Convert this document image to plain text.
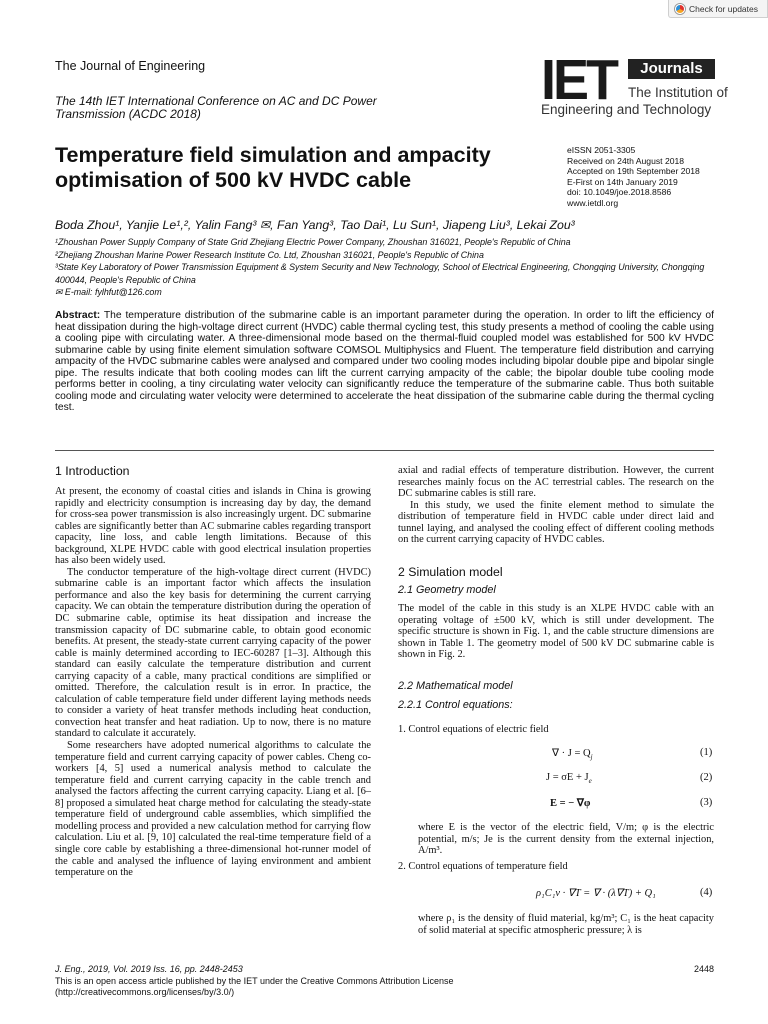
Check for updates
The Journal of Engineering
The 14th IET International Conference on AC and DC Power
Transmission (ACDC 2018)
IET	Journals
The Institution of
Engineering and Technology
Temperature field simulation and ampacity optimisation of 500 kV HVDC cable
eISSN 2051-3305
Received on 24th August 2018
Accepted on 19th September 2018
E-First on 14th January 2019
doi: 10.1049/joe.2018.8586
www.ietdl.org
Boda Zhou¹, Yanjie Le¹,², Yalin Fang³ ✉, Fan Yang³, Tao Dai¹, Lu Sun¹, Jiapeng Liu³, Lekai Zou³
¹Zhoushan Power Supply Company of State Grid Zhejiang Electric Power Company, Zhoushan 316021, People's Republic of China
²Zhejiang Zhoushan Marine Power Research Institute Co. Ltd, Zhoushan 316021, People's Republic of China
³State Key Laboratory of Power Transmission Equipment & System Security and New Technology, School of Electrical Engineering, Chongqing University, Chongqing 400044, People's Republic of China
✉ E-mail: fylhfut@126.com
Abstract: The temperature distribution of the submarine cable is an important parameter during the operation. In order to lift the efficiency of heat dissipation during the high-voltage direct current (HVDC) cable thermal cycling test, this study presents a method of cooling the cable using a cooling pipe with circulating water. A three-dimensional mode based on the thermal-fluid coupled model was established for 500 kV HVDC submarine cable by using finite element simulation software COMSOL Multiphysics and Fluent. The temperature field distribution and carrying ampacity of the HVDC submarine cables were analysed and compared under two cooling modes including bipolar double pipe and bipolar single pipe. The results indicate that both cooling modes can lift the current carrying ampacity of the cable; the bipolar double tube cooling mode performs better in cooling, a tiny circulating water velocity can significantly reduce the temperature of the submarine cable. Thus both suitable cooling mode and circulating water velocity were determined to accelerate the heat dissipation of the submarine cable during the thermal cycling test.
1 Introduction

At present, the economy of coastal cities and islands in China is growing rapidly and electricity consumption is increasing day by day, the demand for cross-sea power transmission is also increasingly urgent. DC submarine cables are significantly better than AC submarine cables regarding transport capacity, line loss, and cable length limitations. Because of this background, XLPE HVDC cable with good electrical insulation properties has also been widely used.

The conductor temperature of the high-voltage direct current (HVDC) submarine cable is an important factor which affects the insulation performance and also the key basis for determining the current carrying capacity. We can obtain the temperature distribution during the operation of DC submarine cable, optimise its heat dissipation and increase the transmission capacity of DC submarine cable, to obtain good economic benefits. At present, the steady-state current carrying capacity of the power cable is mainly determined according to IEC-60287 [1–3]. Although this standard can easily calculate the temperature distribution and current carrying capacity of a cable, many practical conditions are simplified or omitted. Therefore, the calculation result is in error. In practice, the calculation of cable temperature field under different laying methods needs to consider a variety of heat transfer methods including heat conduction, convection heat transfer and heat radiation. Up to now, there is no mature standard to calculate it accurately.

Some researchers have adopted numerical algorithms to calculate the temperature field and current carrying capacity of power cables. Cheng co-workers [4, 5] used a numerical analysis method to calculate the temperature field and current carrying capacity in the cable trench and analysed the factors affecting the current carrying capacity. Liang et al. [6–8] proposed a simulated heat charge method for calculating the steady-state temperature field of underground cable assemblies, which simplified the modelling process and provided a new calculation method for carrying flow calculation. Liu et al. [9, 10] calculated the real-time temperature field of a single core cable by establishing a three-dimensional hot-runner model of the cable and analysed the influence of laying environment and ambient temperature on the

axial and radial effects of temperature distribution. However, the current researches mainly focus on the AC terrestrial cables. The research on the DC submarine cables is still rare.

In this study, we used the finite element method to simulate the distribution of temperature field in HVDC cable under direct laid and tunnel laying, and analysed the cooling effect of different cooling methods on the current carrying capacity of HVDC cables.

2 Simulation model
2.1 Geometry model
The model of the cable in this study is an XLPE HVDC cable with an operating voltage of ±500 kV, which is still under development. The specific structure is shown in Fig. 1, and the cable structure dimensions are shown in Table 1. The geometry model of 500 kV DC submarine cable is shown in Fig. 2.
2.2 Mathematical model
2.2.1 Control equations:
1. Control equations of electric field
∇ · $J = Q_j$	(1)
$J = \sigma E + J_e$	(2)
E = − ∇φ	(3)
where E is the vector of the electric field, V/m; φ is the electric potential, m/s; Je is the current density from the external injection, A/m³.
2. Control equations of temperature field
ρ₁C₁v · ∇T = ∇ · (λ∇T) + Q₁	(4)
where ρ₁ is the density of fluid material, kg/m³; C₁ is the heat capacity of solid material at specific atmospheric pressure; λ is
J. Eng., 2019, Vol. 2019 Iss. 16, pp. 2448-2453
This is an open access article published by the IET under the Creative Commons Attribution License
(http://creativecommons.org/licenses/by/3.0/)
2448
